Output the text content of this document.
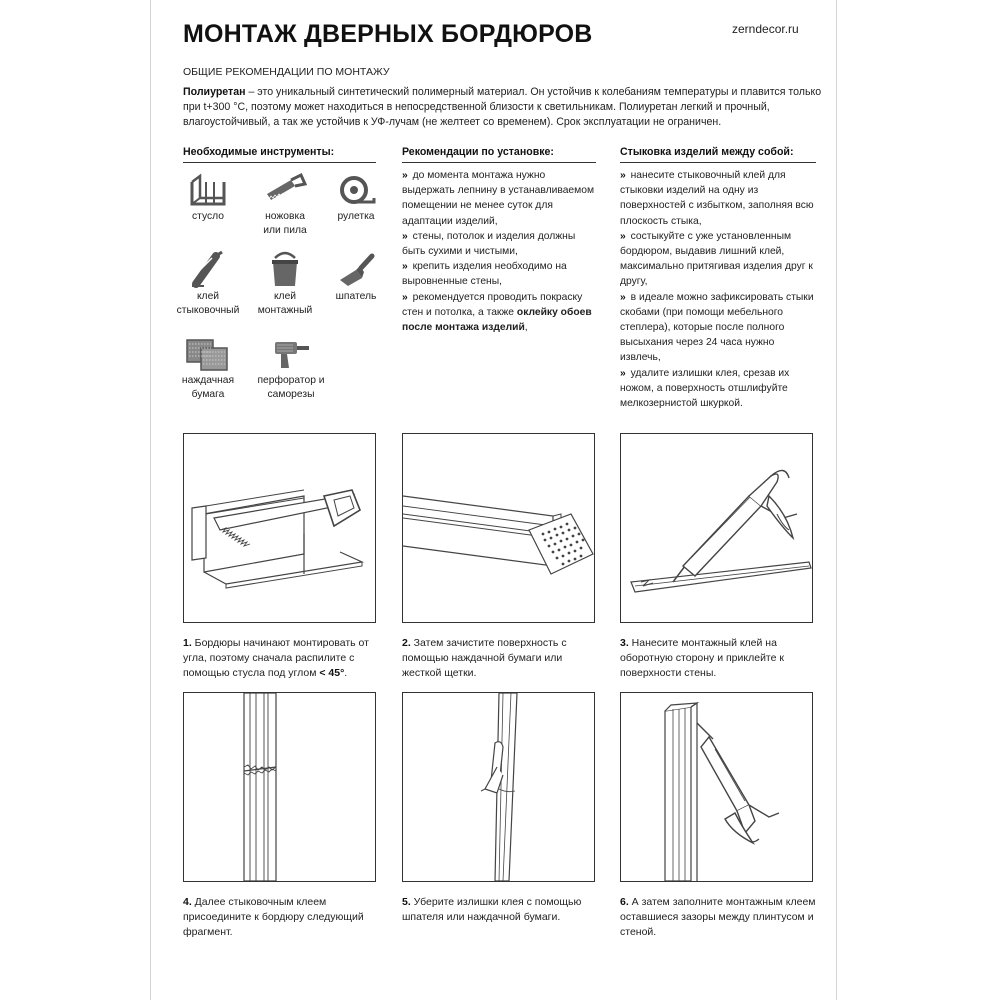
МОНТАЖ ДВЕРНЫХ БОРДЮРОВ	zerndecor.ru
ОБЩИЕ РЕКОМЕНДАЦИИ ПО МОНТАЖУ
Полиуретан – это уникальный синтетический полимерный материал. Он устойчив к колебаниям температуры и плавится только при t+300 °С, поэтому может находиться в непосредственной близости к светильникам. Полиуретан легкий и прочный, влагоустойчивый, а так же устойчив к УФ-лучам (не желтеет со временем). Срок эксплуатации не ограничен.
Необходимые инструменты:	Рекомендации по установке:	Стыковка изделий между собой:
стусло	ножовка
или пила
рулетка
клей
стыковочный
клей
монтажный
шпатель
наждачная
бумага
перфоратор и
саморезы
» до момента монтажа нужно выдержать лепнину в устанавливаемом помещении не менее суток для адаптации изделий,
» стены, потолок и изделия должны быть сухими и чистыми,
» крепить изделия необходимо на выровненные стены,
» рекомендуется проводить покраску стен и потолка, а также оклейку обоев после монтажа изделий,
» нанесите стыковочный клей для стыковки изделий на одну из поверхностей с избытком, заполняя всю плоскость стыка,
» состыкуйте с уже установленным бордюром, выдавив лишний клей, максимально притягивая изделия друг к другу,
» в идеале можно зафиксировать стыки скобами (при помощи мебельного степлера), которые после полного высыхания через 24 часа нужно извлечь,
» удалите излишки клея, срезав их ножом, а поверхность отшлифуйте мелкозернистой шкуркой.
1. Бордюры начинают монтировать от угла, поэтому сначала распилите с помощью стусла под углом < 45°.
2. Затем зачистите поверхность с помощью наждачной бумаги или жесткой щетки.
3. Нанесите монтажный клей на оборотную сторону и приклейте к поверхности стены.
4. Далее стыковочным клеем присоедините к бордюру следующий фрагмент.
5. Уберите излишки клея с помощью шпателя или наждачной бумаги.
6. А затем заполните монтажным клеем оставшиеся зазоры между плинтусом и стеной.
